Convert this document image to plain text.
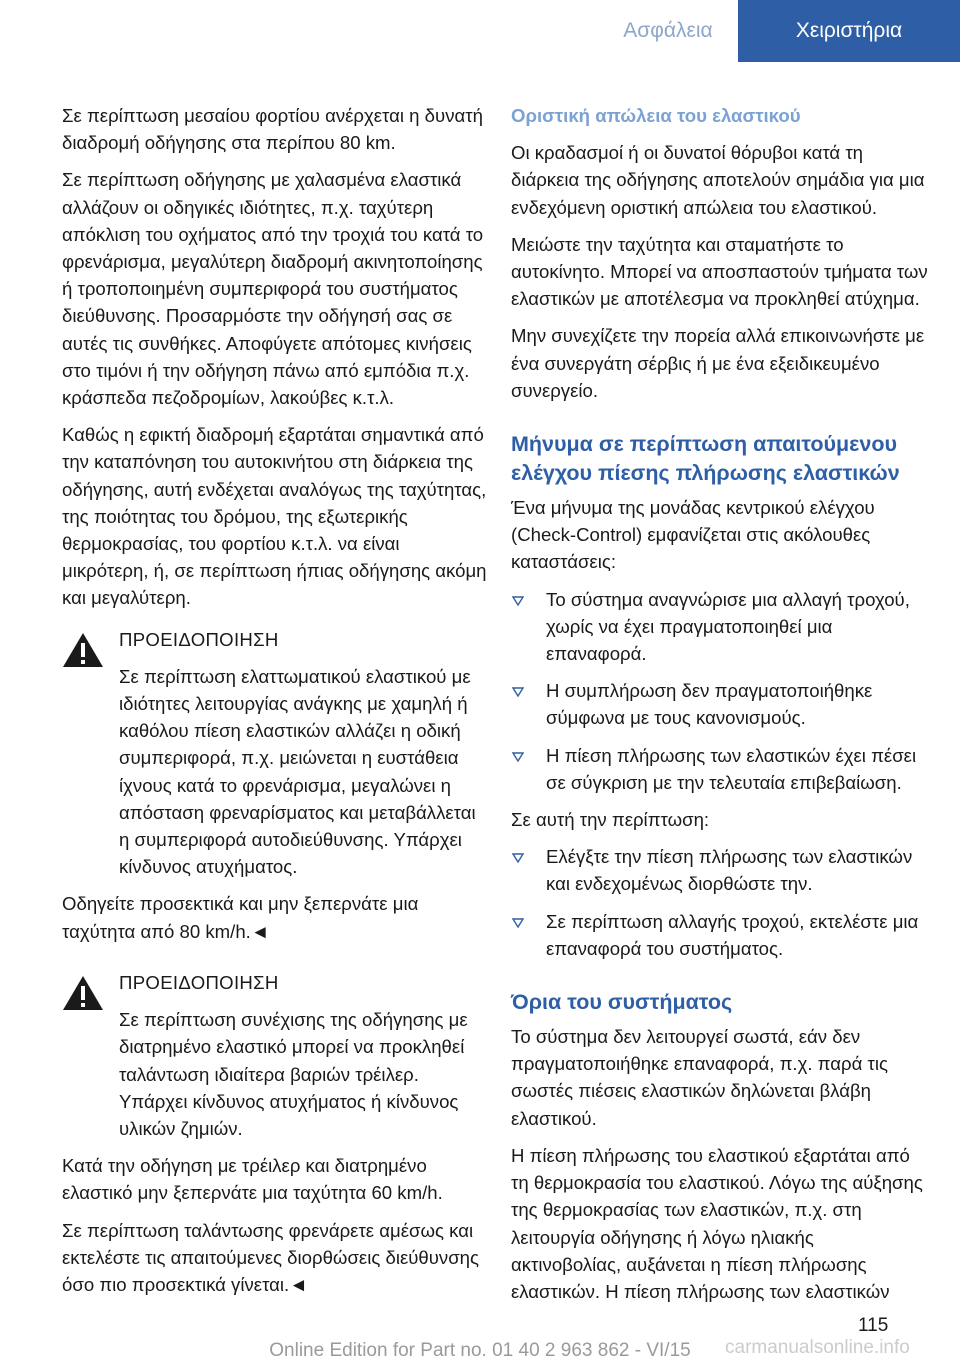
Ασφάλεια	Χειριστήρια

Σε περίπτωση μεσαίου φορτίου ανέρχεται η δυνατή διαδρομή οδήγησης στα περίπου 80 km.

Σε περίπτωση οδήγησης με χαλασμένα ελαστικά αλλάζουν οι οδηγικές ιδιότητες, π.χ. ταχύτερη απόκλιση του οχήματος από την τροχιά του κατά το φρενάρισμα, μεγαλύτερη διαδρομή ακινητοποίησης ή τροποποιημένη συμπεριφορά του συστήματος διεύθυνσης. Προσαρμόστε την οδήγησή σας σε αυτές τις συνθήκες. Αποφύγετε απότομες κινήσεις στο τιμόνι ή την οδήγηση πάνω από εμπόδια π.χ. κράσπεδα πεζοδρομίων, λακούβες κ.τ.λ.

Καθώς η εφικτή διαδρομή εξαρτάται σημαντικά από την καταπόνηση του αυτοκινήτου στη διάρκεια της οδήγησης, αυτή ενδέχεται αναλόγως της ταχύτητας, της ποιότητας του δρόμου, της εξωτερικής θερμοκρασίας, του φορτίου κ.τ.λ. να είναι μικρότερη, ή, σε περίπτωση ήπιας οδήγησης ακόμη και μεγαλύτερη.

ΠΡΟΕΙΔΟΠΟΙΗΣΗ

Σε περίπτωση ελαττωματικού ελαστικού με ιδιότητες λειτουργίας ανάγκης με χαμηλή ή καθόλου πίεση ελαστικών αλλάζει η οδική συμπεριφορά, π.χ. μειώνεται η ευστάθεια ίχνους κατά το φρενάρισμα, μεγαλώνει η απόσταση φρεναρίσματος και μεταβάλλεται η συμπεριφορά αυτοδιεύθυνσης. Υπάρχει κίνδυνος ατυχήματος.

Οδηγείτε προσεκτικά και μην ξεπερνάτε μια ταχύτητα από 80 km/h.◄

ΠΡΟΕΙΔΟΠΟΙΗΣΗ

Σε περίπτωση συνέχισης της οδήγησης με διατρημένο ελαστικό μπορεί να προκληθεί ταλάντωση ιδιαίτερα βαριών τρέιλερ. Υπάρχει κίνδυνος ατυχήματος ή κίνδυνος υλικών ζημιών.

Κατά την οδήγηση με τρέιλερ και διατρημένο ελαστικό μην ξεπερνάτε μια ταχύτητα 60 km/h.

Σε περίπτωση ταλάντωσης φρενάρετε αμέσως και εκτελέστε τις απαιτούμενες διορθώσεις διεύθυνσης όσο πιο προσεκτικά γίνεται.◄

Οριστική απώλεια του ελαστικού

Οι κραδασμοί ή οι δυνατοί θόρυβοι κατά τη διάρκεια της οδήγησης αποτελούν σημάδια για μια ενδεχόμενη οριστική απώλεια του ελαστικού.

Μειώστε την ταχύτητα και σταματήστε το αυτοκίνητο. Μπορεί να αποσπαστούν τμήματα των ελαστικών με αποτέλεσμα να προκληθεί ατύχημα.

Μην συνεχίζετε την πορεία αλλά επικοινωνήστε με ένα συνεργάτη σέρβις ή με ένα εξειδικευμένο συνεργείο.

Μήνυμα σε περίπτωση απαιτούμενου ελέγχου πίεσης πλήρωσης ελαστικών

Ένα μήνυμα της μονάδας κεντρικού ελέγχου (Check-Control) εμφανίζεται στις ακόλουθες καταστάσεις:

Το σύστημα αναγνώρισε μια αλλαγή τροχού, χωρίς να έχει πραγματοποιηθεί μια επαναφορά.
Η συμπλήρωση δεν πραγματοποιήθηκε σύμφωνα με τους κανονισμούς.
Η πίεση πλήρωσης των ελαστικών έχει πέσει σε σύγκριση με την τελευταία επιβεβαίωση.

Σε αυτή την περίπτωση:

Ελέγξτε την πίεση πλήρωσης των ελαστικών και ενδεχομένως διορθώστε την.
Σε περίπτωση αλλαγής τροχού, εκτελέστε μια επαναφορά του συστήματος.
Όρια του συστήματος

Το σύστημα δεν λειτουργεί σωστά, εάν δεν πραγματοποιήθηκε επαναφορά, π.χ. παρά τις σωστές πιέσεις ελαστικών δηλώνεται βλάβη ελαστικού.

Η πίεση πλήρωσης του ελαστικού εξαρτάται από τη θερμοκρασία του ελαστικού. Λόγω της αύξησης της θερμοκρασίας των ελαστικών, π.χ. στη λειτουργία οδήγησης ή λόγω ηλιακής ακτινοβολίας, αυξάνεται η πίεση πλήρωσης ελαστικών. Η πίεση πλήρωσης των ελαστικών

115
Online Edition for Part no. 01 40 2 963 862 - VI/15	carmanualsonline.info
